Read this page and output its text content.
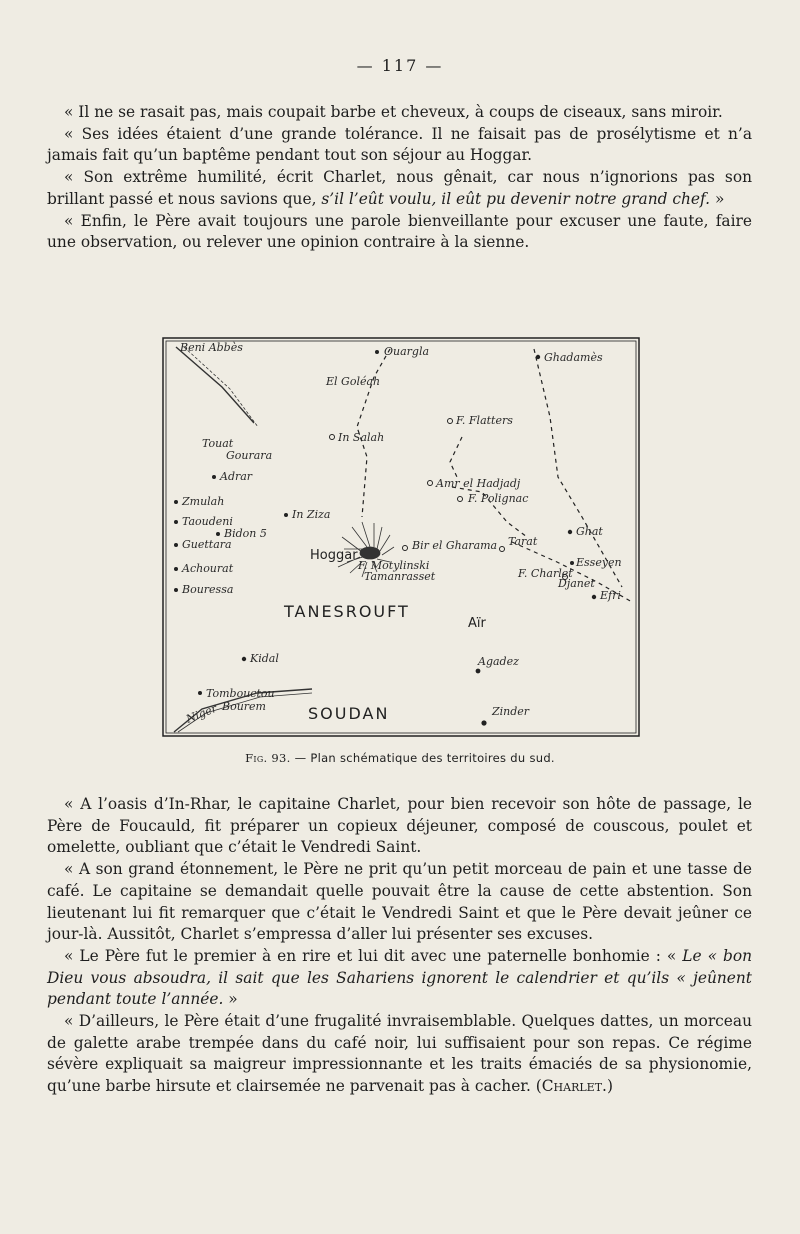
— 117 —

« Il ne se rasait pas, mais coupait barbe et cheveux, à coups de ciseaux, sans miroir.

« Ses idées étaient d’une grande tolérance. Il ne faisait pas de prosélytisme et n’a jamais fait qu’un baptême pendant tout son séjour au Hoggar.

« Son extrême humilité, écrit Charlet, nous gênait, car nous n’ignorions pas son brillant passé et nous savions que, s’il l’eût voulu, il eût pu devenir notre grand chef. »

« Enfin, le Père avait toujours une parole bienveillante pour excuser une faute, faire une observation, ou relever une opinion contraire à la sienne.

Beni Abbès	Ouargla	Ghadamès
El Goléah
F. Flatters
Touat
Gourara
Adrar
In Salah
Amr el Hadjadj
F. Polignac
Zmulah
In Ziza
Taoudeni
Bidon 5
Guettara
Hoggar
Bir el Gharama Tarat
Ghat
Esseyen
Achourat	F. Motylinski
Tamanrasset	F. Charlet
Djanet
Efri
Bouressa
TANESROUFT
Aïr
Kidal	Agadez
Tombouctou
Bourem	SOUDAN	Zinder
Niger
Fig. 93. — Plan schématique des territoires du sud.

« A l’oasis d’In-Rhar, le capitaine Charlet, pour bien recevoir son hôte de passage, le Père de Foucauld, fit préparer un copieux déjeuner, composé de couscous, poulet et omelette, oubliant que c’était le Vendredi Saint.

« A son grand étonnement, le Père ne prit qu’un petit morceau de pain et une tasse de café. Le capitaine se demandait quelle pouvait être la cause de cette abstention. Son lieutenant lui fit remarquer que c’était le Vendredi Saint et que le Père devait jeûner ce jour-là. Aussitôt, Charlet s’empressa d’aller lui présenter ses excuses.

« Le Père fut le premier à en rire et lui dit avec une paternelle bonhomie : « Le « bon Dieu vous absoudra, il sait que les Sahariens ignorent le calendrier et qu’ils « jeûnent pendant toute l’année. »

« D’ailleurs, le Père était d’une frugalité invraisemblable. Quelques dattes, un morceau de galette arabe trempée dans du café noir, lui suffisaient pour son repas. Ce régime sévère expliquait sa maigreur impressionnante et les traits émaciés de sa physionomie, qu’une barbe hirsute et clairsemée ne parvenait pas à cacher. (Charlet.)
